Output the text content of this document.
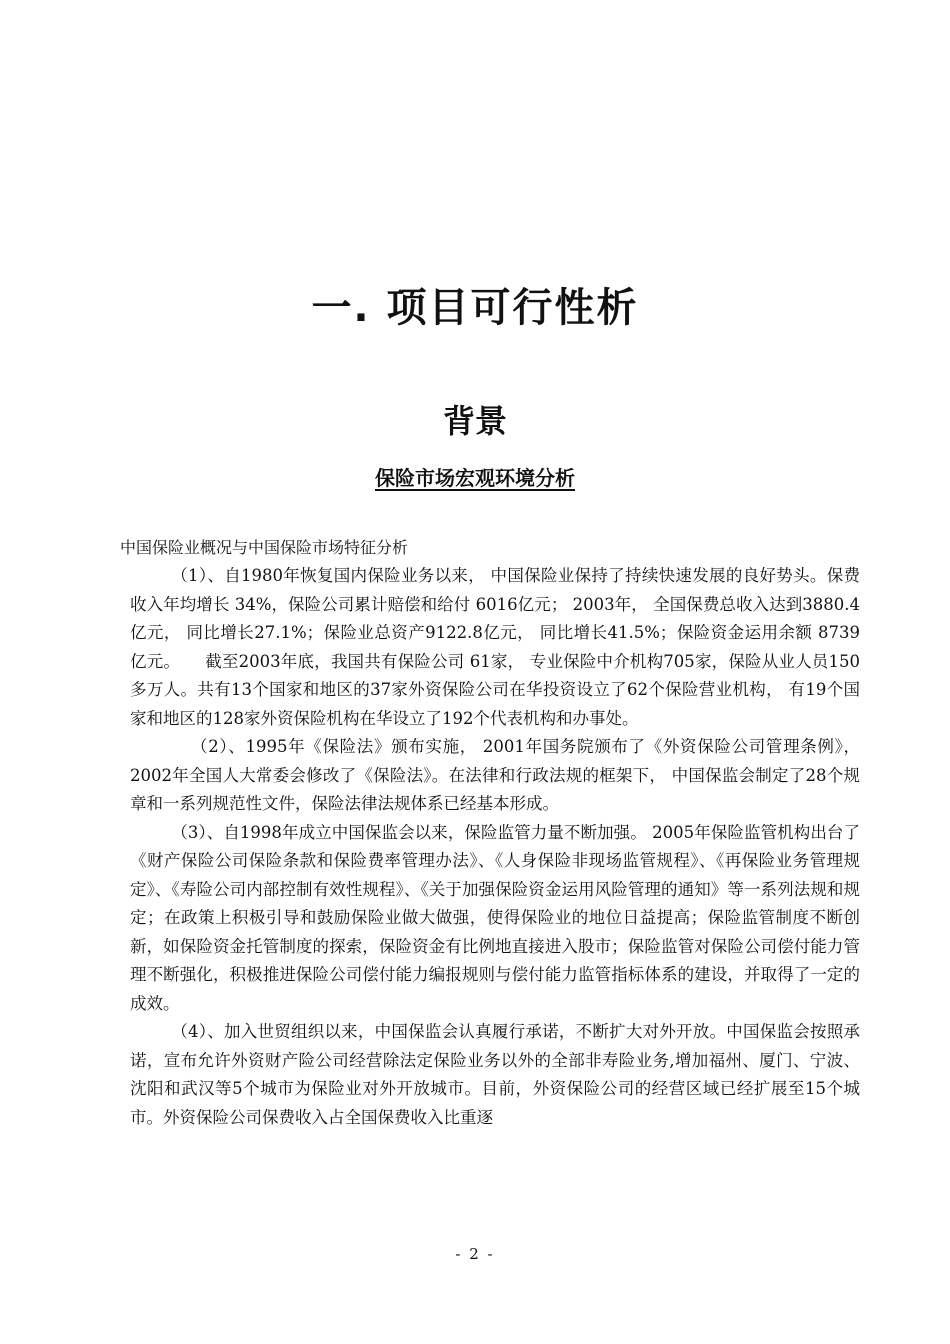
一. 项目可行性析
背景
保险市场宏观环境分析

中国保险业概况与中国保险市场特征分析

（1）、自1980年恢复国内保险业务以来， 中国保险业保持了持续快速发展的良好势头。保费收入年均增长 34%，保险公司累计赔偿和给付 6016亿元； 2003年， 全国保费总收入达到3880.4亿元， 同比增长27.1%；保险业总资产9122.8亿元， 同比增长41.5%；保险资金运用余额 8739亿元。　　截至2003年底，我国共有保险公司 61家， 专业保险中介机构705家，保险从业人员150多万人。共有13个国家和地区的37家外资保险公司在华投资设立了62个保险营业机构， 有19个国家和地区的128家外资保险机构在华设立了192个代表机构和办事处。

（2）、1995年《保险法》颁布实施， 2001年国务院颁布了《外资保险公司管理条例》，2002年全国人大常委会修改了《保险法》。在法律和行政法规的框架下， 中国保监会制定了28个规章和一系列规范性文件，保险法律法规体系已经基本形成。

（3）、自1998年成立中国保监会以来，保险监管力量不断加强。 2005年保险监管机构出台了《财产保险公司保险条款和保险费率管理办法》、《人身保险非现场监管规程》、《再保险业务管理规定》、《寿险公司内部控制有效性规程》、《关于加强保险资金运用风险管理的通知》等一系列法规和规定；在政策上积极引导和鼓励保险业做大做强，使得保险业的地位日益提高；保险监管制度不断创新，如保险资金托管制度的探索，保险资金有比例地直接进入股市；保险监管对保险公司偿付能力管理不断强化，积极推进保险公司偿付能力编报规则与偿付能力监管指标体系的建设，并取得了一定的成效。

（4）、加入世贸组织以来，中国保监会认真履行承诺，不断扩大对外开放。中国保监会按照承诺，宣布允许外资财产险公司经营除法定保险业务以外的全部非寿险业务,增加福州、厦门、宁波、 沈阳和武汉等5个城市为保险业对外开放城市。目前，外资保险公司的经营区域已经扩展至15个城市。外资保险公司保费收入占全国保费收入比重逐

- 2 -
